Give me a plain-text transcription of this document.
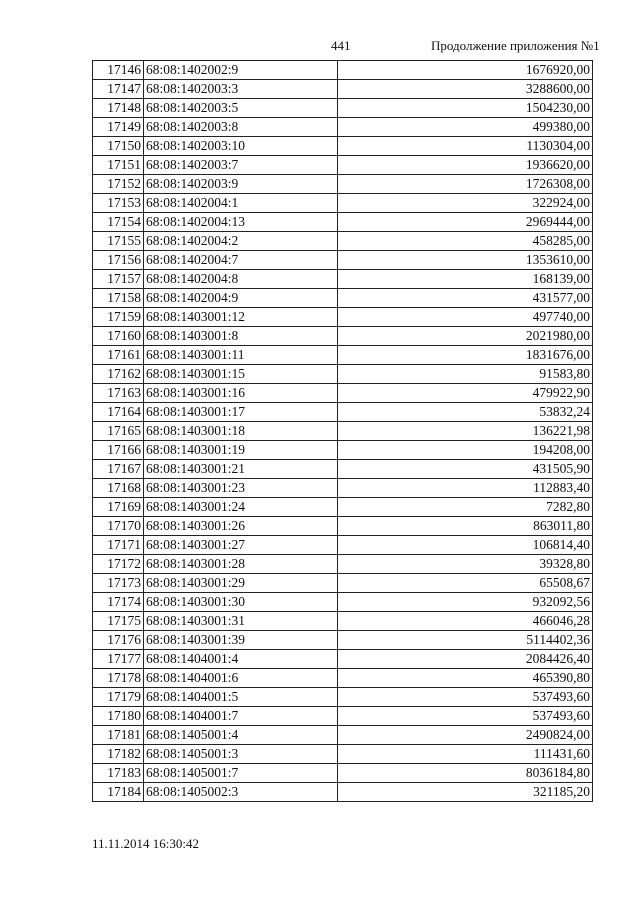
441	Продолжение приложения №1
17146	68:08:1402002:9	1676920,00
17147	68:08:1402003:3	3288600,00
17148	68:08:1402003:5	1504230,00
17149	68:08:1402003:8	499380,00
17150	68:08:1402003:10	1130304,00
17151	68:08:1402003:7	1936620,00
17152	68:08:1402003:9	1726308,00
17153	68:08:1402004:1	322924,00
17154	68:08:1402004:13	2969444,00
17155	68:08:1402004:2	458285,00
17156	68:08:1402004:7	1353610,00
17157	68:08:1402004:8	168139,00
17158	68:08:1402004:9	431577,00
17159	68:08:1403001:12	497740,00
17160	68:08:1403001:8	2021980,00
17161	68:08:1403001:11	1831676,00
17162	68:08:1403001:15	91583,80
17163	68:08:1403001:16	479922,90
17164	68:08:1403001:17	53832,24
17165	68:08:1403001:18	136221,98
17166	68:08:1403001:19	194208,00
17167	68:08:1403001:21	431505,90
17168	68:08:1403001:23	112883,40
17169	68:08:1403001:24	7282,80
17170	68:08:1403001:26	863011,80
17171	68:08:1403001:27	106814,40
17172	68:08:1403001:28	39328,80
17173	68:08:1403001:29	65508,67
17174	68:08:1403001:30	932092,56
17175	68:08:1403001:31	466046,28
17176	68:08:1403001:39	5114402,36
17177	68:08:1404001:4	2084426,40
17178	68:08:1404001:6	465390,80
17179	68:08:1404001:5	537493,60
17180	68:08:1404001:7	537493,60
17181	68:08:1405001:4	2490824,00
17182	68:08:1405001:3	111431,60
17183	68:08:1405001:7	8036184,80
17184	68:08:1405002:3	321185,20
11.11.2014 16:30:42
